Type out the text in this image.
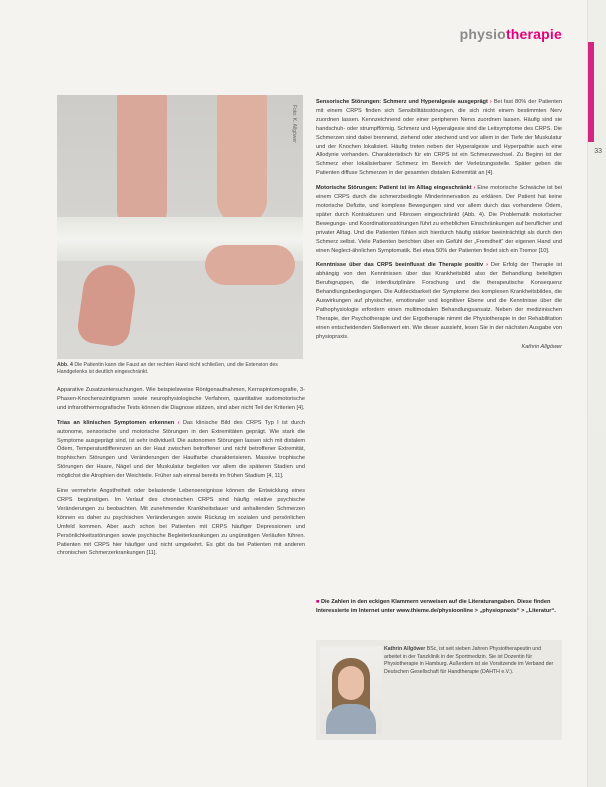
physiotherapie
33
Foto: K. Allgöwer
Abb. 4 Die Patientin kann die Faust an der rechten Hand nicht schließen, und die Extension des Handgelenks ist deutlich eingeschränkt.

Apparative Zusatzuntersuchungen. Wie beispielsweise Röntgenaufnahmen, Kernspintomografie, 3-Phasen-Knochenszintigramm sowie neurophysiologische Verfahren, quantitative sudomotorische und infrarotthermografische Tests können die Diagnose stützen, sind aber nicht Teil der Kriterien [4].

Trias an klinischen Symptomen erkennen › Das klinische Bild des CRPS Typ I ist durch autonome, sensorische und motorische Störungen in den Extremitäten geprägt. Wie stark die Symptome ausgeprägt sind, ist sehr individuell. Die autonomen Störungen lassen sich mit distalem Ödem, Temperaturdifferenzen an der Haut zwischen betroffener und nicht betroffener Extremität, trophischen Störungen und Veränderungen der Hautfarbe charakterisieren. Massive trophische Störungen der Haare, Nägel und der Muskulatur begleiten vor allem die späteren Stadien und möglichst die Atrophien der Weichteile. Früher sah einmal bereits im frühen Stadium [4, 11].

Eine vermehrte Angstfreiheit oder belastende Lebensereignisse können die Entwicklung eines CRPS begünstigen. Im Verlauf des chronischen CRPS sind häufig relative psychische Veränderungen zu beobachten. Mit zunehmender Krankheitsdauer und anhaltenden Schmerzen können es daher zu psychischen Veränderungen sowie Rückzug im sozialen und persönlichen Umfeld kommen. Aber auch schon bei Patienten mit CRPS häufiger Depressionen und Persönlichkeitsstörungen sowie psychische Begleiterkrankungen zu ungünstigen Verläufen führen. Patienten mit CRPS hier häufiger und nicht umgekehrt. Es gibt da bei Patienten mit anderen chronischen Schmerzerkrankungen [11].

Sensorische Störungen: Schmerz und Hyperalgesie ausgeprägt › Bei fast 80% der Patienten mit einem CRPS finden sich Sensibilitätsstörungen, die sich nicht einem bestimmten Nerv zuordnen lassen. Kennzeichnend oder einer peripheren Nervs zuordnen lassen. Häufig sind sie handschuh- oder strumpfförmig. Schmerz und Hyperalgesie sind die Leitsymptome des CRPS. Die Schmerzen sind dabei brennend, ziehend oder stechend und vor allem in der Tiefe der Muskulatur und der Knochen lokalisiert. Häufig treten neben der Hyperalgesie und Hyperpathie auch eine Allodynie vorhanden. Charakteristisch für ein CRPS ist ein Schmerzwechsel. Zu Beginn ist der Schmerz eher lokalisierbarer Schmerz im Bereich der Verletzungsstelle. Später geben die Patienten diffuse Schmerzen in der gesamten distalen Extremität an [4].

Motorische Störungen: Patient ist im Alltag eingeschränkt › Eine motorische Schwäche ist bei einem CRPS durch die schmerzbedingte Minderinnervation zu erklären. Der Patient hat keine motorische Defizite, und komplexe Bewegungen sind vor allem durch das vorhandene Ödem, später durch Kontrakturen und Fibrosen eingeschränkt (Abb. 4). Die Problematik motorischer Bewegungs- und Koordinationsstörungen führt zu erheblichen Einschränkungen auf beruflicher und privater Alltag. Und die Patienten fühlen sich hierdurch häufig stärker beeinträchtigt als durch den Schmerz selbst. Viele Patienten berichten über ein Gefühl der „Fremdheit“ der eigenen Hand und einen Neglect-ähnlichen Symptomatik. Bei etwa 50% der Patienten findet sich ein Tremor [10].

Kenntnisse über das CRPS beeinflusst die Therapie positiv › Der Erfolg der Therapie ist abhängig von den Kenntnissen über das Krankheitsbild also der Behandlung beteiligten Berufsgruppen, die interdisziplinäre Forschung und die therapeutische Konsequenz Behandlungsbedingungen. Die Aufdeckbarkeit der Symptome des komplexen Krankheitsbildes, die Auswirkungen auf physischer, emotionaler und kognitiver Ebene und die Kenntnisse über die Pathophysiologie erfordern einen multimodalen Behandlungsansatz. Neben der medizinischen Therapie, der Psychotherapie und der Ergotherapie nimmt die Physiotherapie in der Rehabilitation einen entscheidenden Stellenwert ein. Wie dieser aussieht, lesen Sie in der nächsten Ausgabe von physiopraxis.

Kathrin Allgöwer

■ Die Zahlen in den eckigen Klammern verweisen auf die Literaturangaben. Diese finden Interessierte im Internet unter www.thieme.de/physioonline > „physiopraxis“ > „Literatur“.
Kathrin Allgöwer BSc, ist seit sieben Jahren Physiotherapeutin und arbeitet in der Tanzklinik in der Sportmedizin. Sie ist Dozentin für Physiotherapie in Hamburg. Außerdem ist sie Vorsitzende im Verband der Deutschen Gesellschaft für Handtherapie (DAHTH e.V.).
